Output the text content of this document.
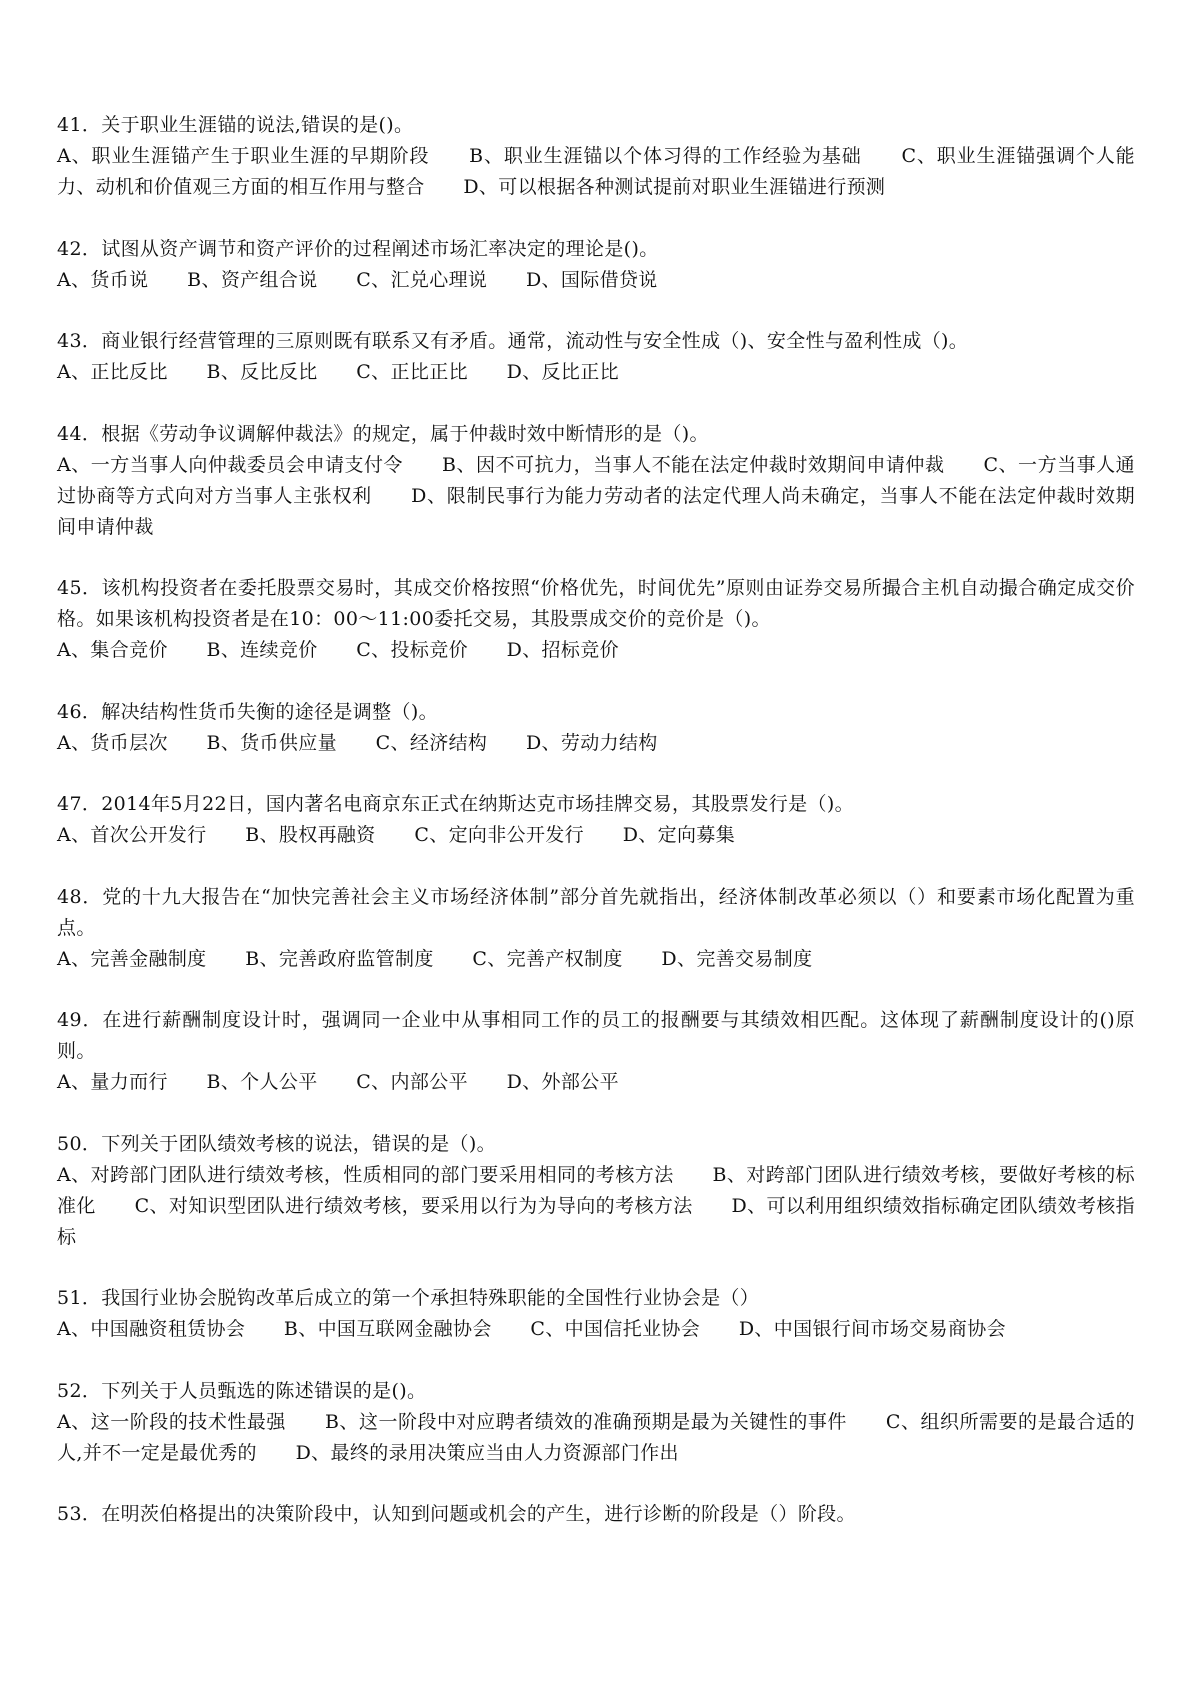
41．关于职业生涯锚的说法,错误的是()。
A、职业生涯锚产生于职业生涯的早期阶段　　B、职业生涯锚以个体习得的工作经验为基础　　C、职业生涯锚强调个人能力、动机和价值观三方面的相互作用与整合　　D、可以根据各种测试提前对职业生涯锚进行预测
42．试图从资产调节和资产评价的过程阐述市场汇率决定的理论是()。
A、货币说　　B、资产组合说　　C、汇兑心理说　　D、国际借贷说
43．商业银行经营管理的三原则既有联系又有矛盾。通常，流动性与安全性成（)、安全性与盈利性成（)。
A、正比反比　　B、反比反比　　C、正比正比　　D、反比正比
44．根据《劳动争议调解仲裁法》的规定，属于仲裁时效中断情形的是（)。
A、一方当事人向仲裁委员会申请支付令　　B、因不可抗力，当事人不能在法定仲裁时效期间申请仲裁　　C、一方当事人通过协商等方式向对方当事人主张权利　　D、限制民事行为能力劳动者的法定代理人尚未确定，当事人不能在法定仲裁时效期间申请仲裁
45．该机构投资者在委托股票交易时，其成交价格按照“价格优先，时间优先”原则由证券交易所撮合主机自动撮合确定成交价格。如果该机构投资者是在10：00～11:00委托交易，其股票成交价的竞价是（)。
A、集合竞价　　B、连续竞价　　C、投标竞价　　D、招标竞价
46．解决结构性货币失衡的途径是调整（)。
A、货币层次　　B、货币供应量　　C、经济结构　　D、劳动力结构
47．2014年5月22日，国内著名电商京东正式在纳斯达克市场挂牌交易，其股票发行是（)。
A、首次公开发行　　B、股权再融资　　C、定向非公开发行　　D、定向募集
48．党的十九大报告在“加快完善社会主义市场经济体制”部分首先就指出，经济体制改革必须以（）和要素市场化配置为重点。
A、完善金融制度　　B、完善政府监管制度　　C、完善产权制度　　D、完善交易制度
49．在进行薪酬制度设计时，强调同一企业中从事相同工作的员工的报酬要与其绩效相匹配。这体现了薪酬制度设计的()原则。
A、量力而行　　B、个人公平　　C、内部公平　　D、外部公平
50．下列关于团队绩效考核的说法，错误的是（)。
A、对跨部门团队进行绩效考核，性质相同的部门要采用相同的考核方法　　B、对跨部门团队进行绩效考核，要做好考核的标准化　　C、对知识型团队进行绩效考核，要采用以行为为导向的考核方法　　D、可以利用组织绩效指标确定团队绩效考核指标
51．我国行业协会脱钩改革后成立的第一个承担特殊职能的全国性行业协会是（）
A、中国融资租赁协会　　B、中国互联网金融协会　　C、中国信托业协会　　D、中国银行间市场交易商协会
52．下列关于人员甄选的陈述错误的是()。
A、这一阶段的技术性最强　　B、这一阶段中对应聘者绩效的准确预期是最为关键性的事件　　C、组织所需要的是最合适的人,并不一定是最优秀的　　D、最终的录用决策应当由人力资源部门作出
53．在明茨伯格提出的决策阶段中，认知到问题或机会的产生，进行诊断的阶段是（）阶段。
